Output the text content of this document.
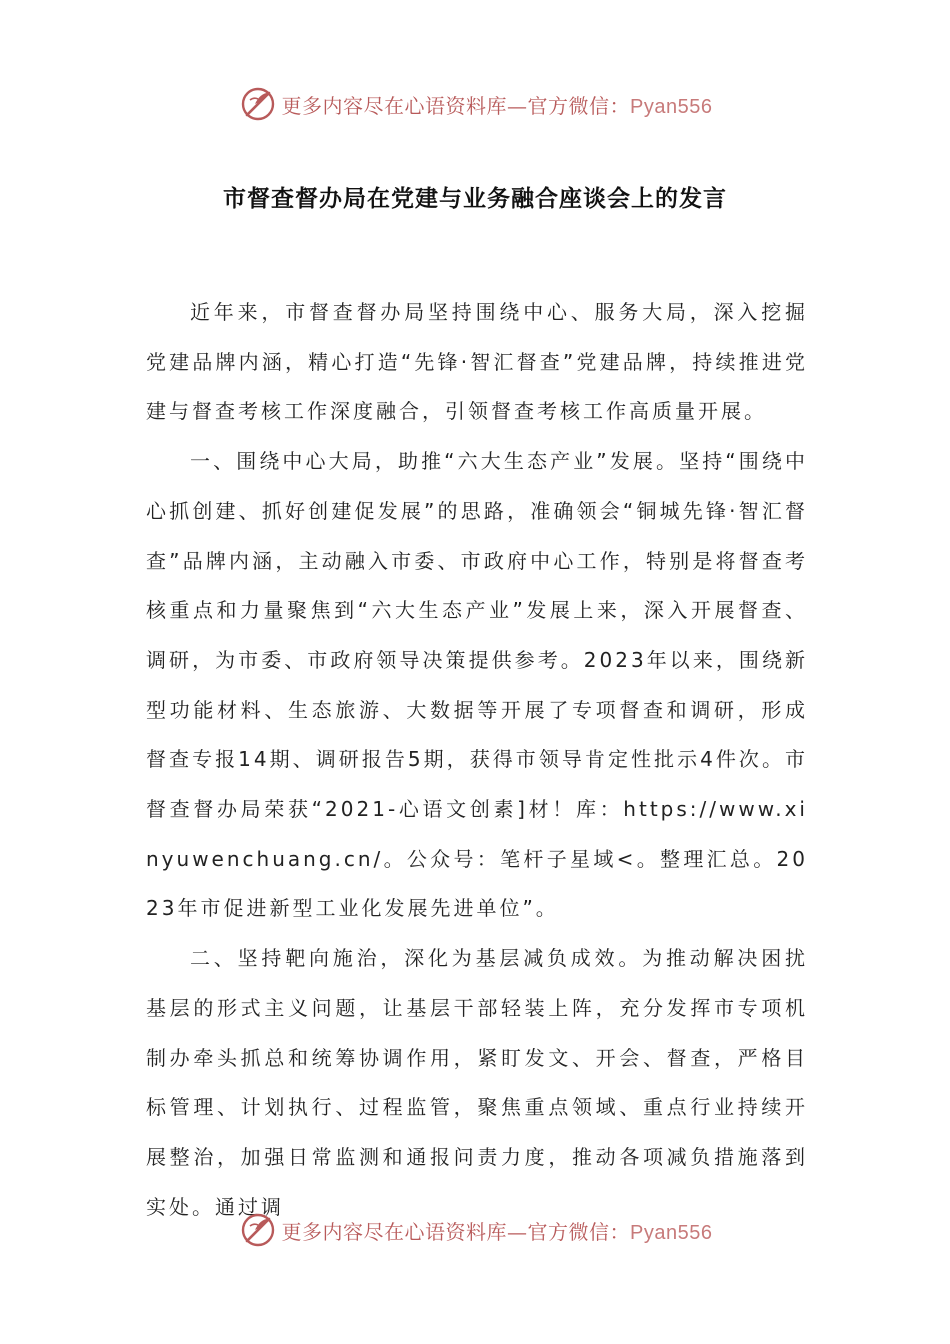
更多内容尽在心语资料库—官方微信：Pyan556
市督查督办局在党建与业务融合座谈会上的发言

近年来，市督查督办局坚持围绕中心、服务大局，深入挖掘党建品牌内涵，精心打造“先锋·智汇督查”党建品牌，持续推进党建与督查考核工作深度融合，引领督查考核工作高质量开展。

一、围绕中心大局，助推“六大生态产业”发展。坚持“围绕中心抓创建、抓好创建促发展”的思路，准确领会“铜城先锋·智汇督查”品牌内涵，主动融入市委、市政府中心工作，特别是将督查考核重点和力量聚焦到“六大生态产业”发展上来，深入开展督查、调研，为市委、市政府领导决策提供参考。2023年以来，围绕新型功能材料、生态旅游、大数据等开展了专项督查和调研，形成督查专报14期、调研报告5期，获得市领导肯定性批示4件次。市督查督办局荣获“2021-心语文创素]材！库：https://www.xinyuwenchuang.cn/。公众号：笔杆子星域<。整理汇总。2023年市促进新型工业化发展先进单位”。

二、坚持靶向施治，深化为基层减负成效。为推动解决困扰基层的形式主义问题，让基层干部轻装上阵，充分发挥市专项机制办牵头抓总和统筹协调作用，紧盯发文、开会、督查，严格目标管理、计划执行、过程监管，聚焦重点领域、重点行业持续开展整治，加强日常监测和通报问责力度，推动各项减负措施落到实处。通过调

更多内容尽在心语资料库—官方微信：Pyan556
